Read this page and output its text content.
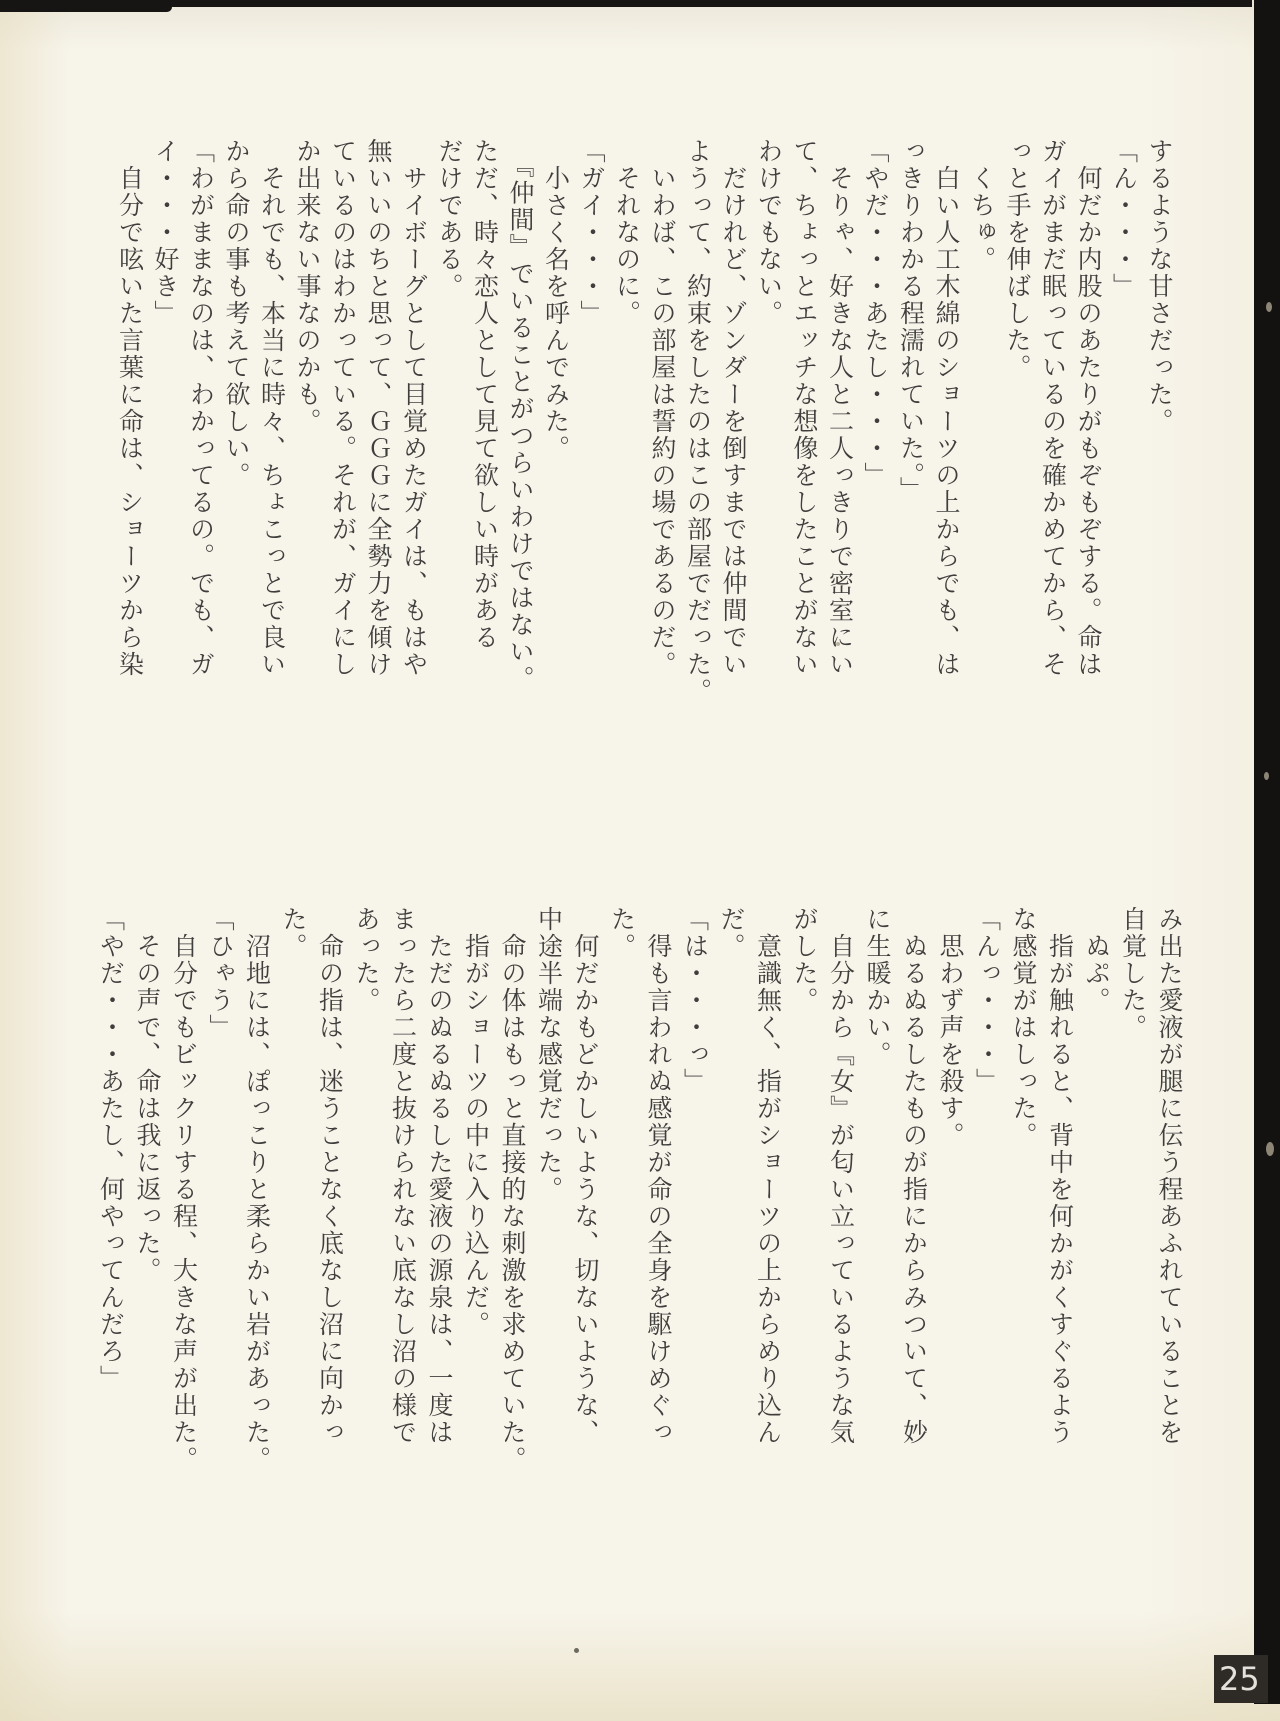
するような甘さだった。

「ん・・・」

　何だか内股のあたりがもぞもぞする。命は

ガイがまだ眠っているのを確かめてから、そ

っと手を伸ばした。

　くちゅ。

　白い人工木綿のショーツの上からでも、は

っきりわかる程濡れていた。」

「やだ・・・あたし・・・」

　そりゃ、好きな人と二人っきりで密室にい

て、ちょっとエッチな想像をしたことがない

わけでもない。

　だけれど、ゾンダーを倒すまでは仲間でい

ようって、約束をしたのはこの部屋でだった。

　いわば、この部屋は誓約の場であるのだ。

　それなのに。

「ガイ・・・」

　小さく名を呼んでみた。

　『仲間』でいることがつらいわけではない。

ただ、時々恋人として見て欲しい時がある

だけである。

　サイボーグとして目覚めたガイは、もはや

無いいのちと思って、ＧＧＧに全勢力を傾け

ているのはわかっている。それが、ガイにし

か出来ない事なのかも。

　それでも、本当に時々、ちょこっとで良い

から命の事も考えて欲しい。

「わがままなのは、わかってるの。でも、ガ

イ・・・好き」

　自分で呟いた言葉に命は、ショーツから染

み出た愛液が腿に伝う程あふれていることを

自覚した。

　ぬぷ。

　指が触れると、背中を何かがくすぐるよう

な感覚がはしった。

「んっ・・・」

　思わず声を殺す。

　ぬるぬるしたものが指にからみついて、妙

に生暖かい。

　自分から『女』が匂い立っているような気

がした。

　意識無く、指がショーツの上からめり込ん

だ。

「は・・・っ」

　得も言われぬ感覚が命の全身を駆けめぐっ

た。

　何だかもどかしいような、切ないような、

中途半端な感覚だった。

　命の体はもっと直接的な刺激を求めていた。

　指がショーツの中に入り込んだ。

　ただのぬるぬるした愛液の源泉は、一度は

まったら二度と抜けられない底なし沼の様で

あった。

　命の指は、迷うことなく底なし沼に向かっ

た。

　沼地には、ぽっこりと柔らかい岩があった。

「ひゃう」

　自分でもビックリする程、大きな声が出た。

　その声で、命は我に返った。

「やだ・・・あたし、何やってんだろ」

25
